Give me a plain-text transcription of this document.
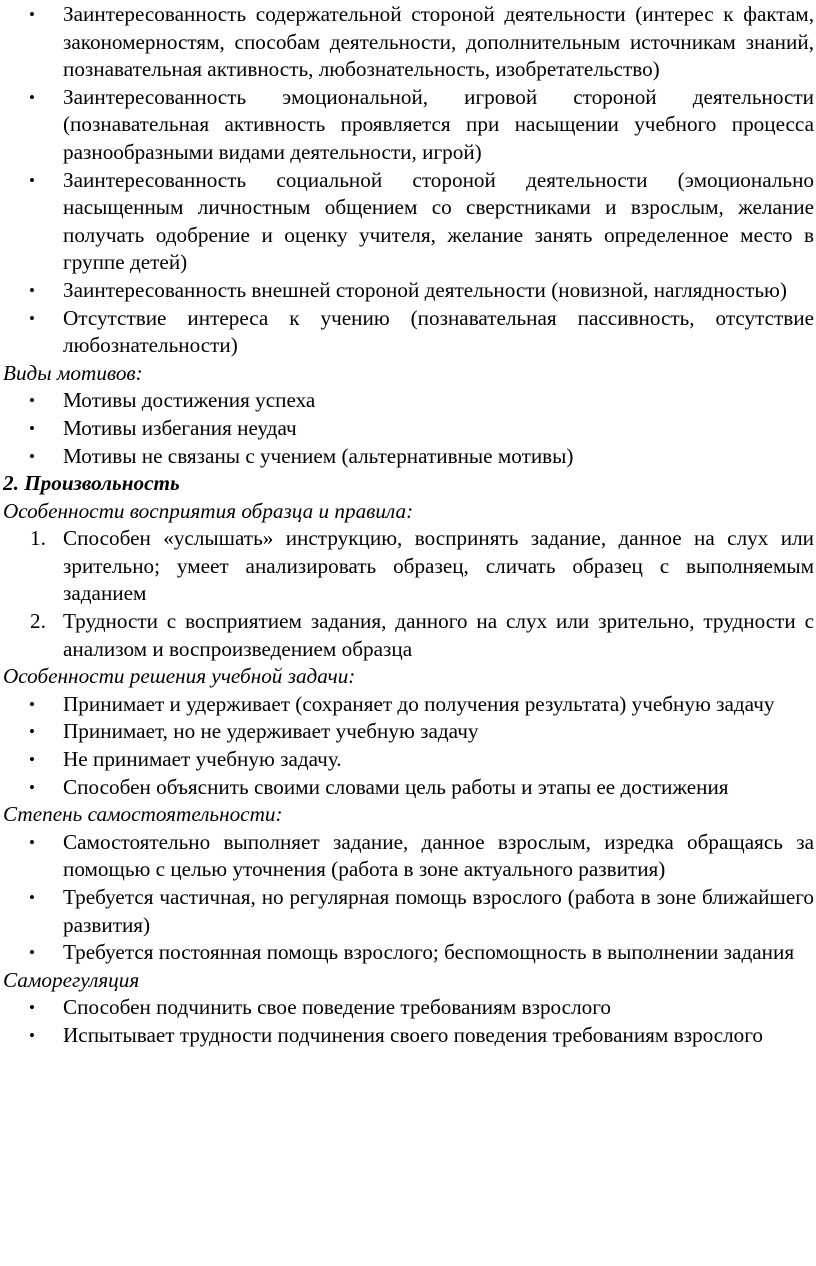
• Заинтересованность содержательной стороной деятельности (интерес к фактам, закономерностям, способам деятельности, дополнительным источникам знаний, познавательная активность, любознательность, изобретательство)
• Заинтересованность эмоциональной, игровой стороной деятельности (познавательная активность проявляется при насыщении учебного процесса разнообразными видами деятельности, игрой)
• Заинтересованность социальной стороной деятельности (эмоционально насыщенным личностным общением со сверстниками и взрослым, желание получать одобрение и оценку учителя, желание занять определенное место в группе детей)
• Заинтересованность внешней стороной деятельности (новизной, наглядностью)
• Отсутствие интереса к учению (познавательная пассивность, отсутствие любознательности)

Виды мотивов:

• Мотивы достижения успеха
• Мотивы избегания неудач
• Мотивы не связаны с учением (альтернативные мотивы)

2. Произвольность

Особенности восприятия образца и правила:

1. Способен «услышать» инструкцию, воспринять задание, данное на слух или зрительно; умеет анализировать образец, сличать образец с выполняемым заданием
2. Трудности с восприятием задания, данного на слух или зрительно, трудности с анализом и воспроизведением образца

Особенности решения учебной задачи:

• Принимает и удерживает (сохраняет до получения результата) учебную задачу
• Принимает, но не удерживает учебную задачу
• Не принимает учебную задачу.
• Способен объяснить своими словами цель работы и этапы ее достижения

Степень самостоятельности:

• Самостоятельно выполняет задание, данное взрослым, изредка обращаясь за помощью с целью уточнения (работа в зоне актуального развития)
• Требуется частичная, но регулярная помощь взрослого (работа в зоне ближайшего развития)
• Требуется постоянная помощь взрослого; беспомощность в выполнении задания

Саморегуляция

• Способен подчинить свое поведение требованиям взрослого
• Испытывает трудности подчинения своего поведения требованиям взрослого
